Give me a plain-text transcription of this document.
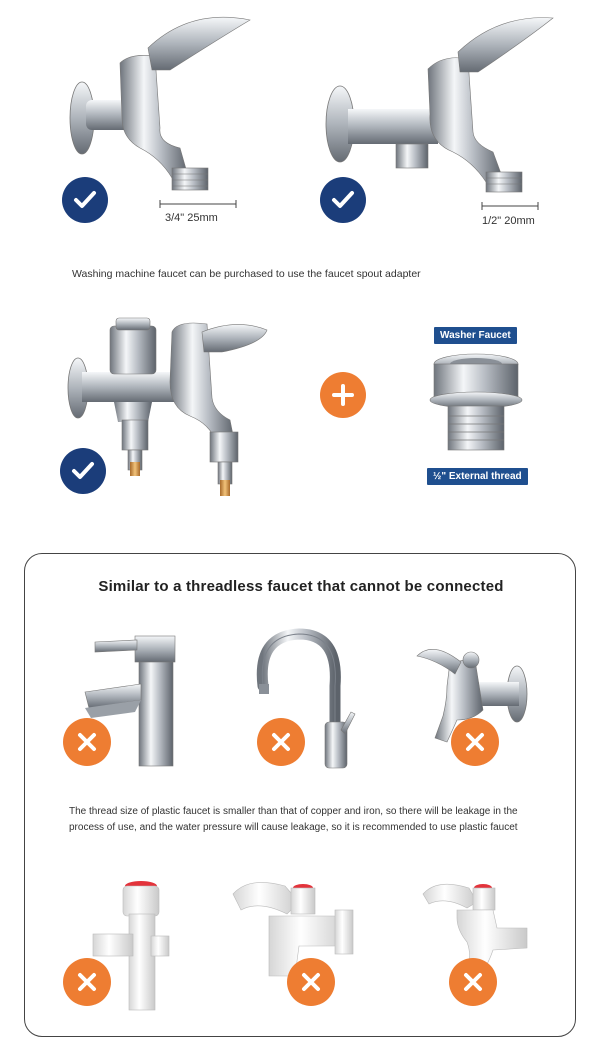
3/4" 25mm	1/2" 20mm
Washing machine faucet can be purchased to use the faucet spout adapter
Washer Faucet
½" External thread
Similar to a threadless faucet that cannot be connected
The thread size of plastic faucet is smaller than that of copper and iron, so there will be leakage in the process of use, and the water pressure will cause leakage, so it is recommended to use plastic faucet
